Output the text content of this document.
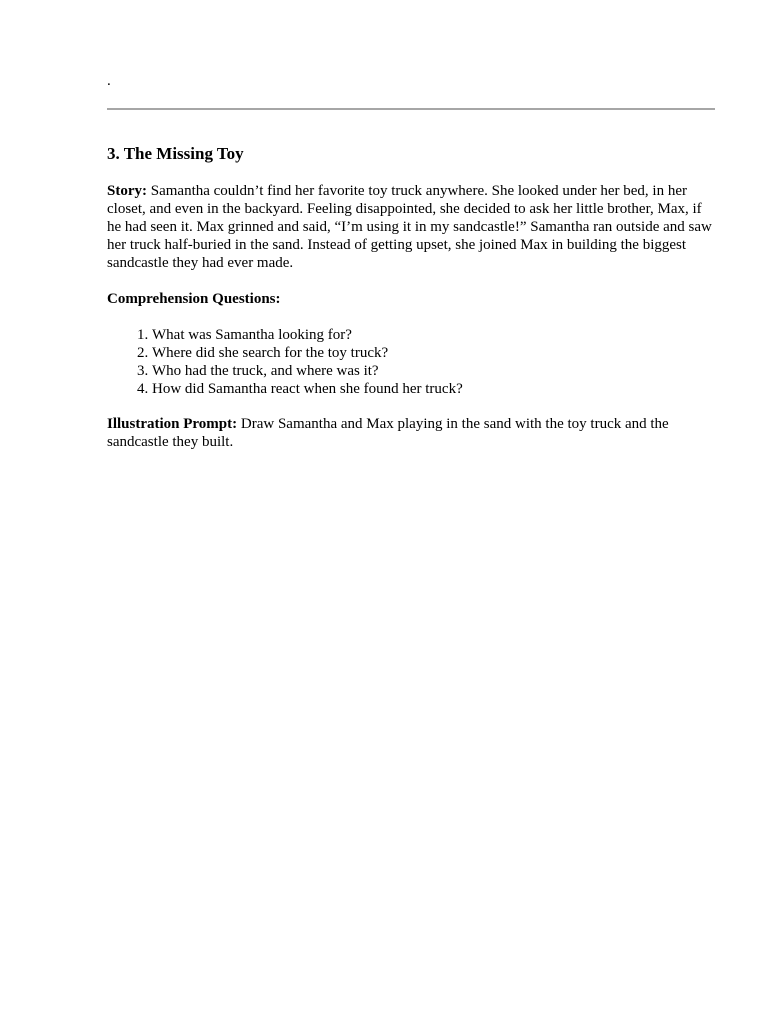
.
3. The Missing Toy

Story: Samantha couldn’t find her favorite toy truck anywhere. She looked under her bed, in her closet, and even in the backyard. Feeling disappointed, she decided to ask her little brother, Max, if he had seen it. Max grinned and said, “I’m using it in my sandcastle!” Samantha ran outside and saw her truck half-buried in the sand. Instead of getting upset, she joined Max in building the biggest sandcastle they had ever made.

Comprehension Questions:

1. What was Samantha looking for?
2. Where did she search for the toy truck?
3. Who had the truck, and where was it?
4. How did Samantha react when she found her truck?

Illustration Prompt: Draw Samantha and Max playing in the sand with the toy truck and the sandcastle they built.
